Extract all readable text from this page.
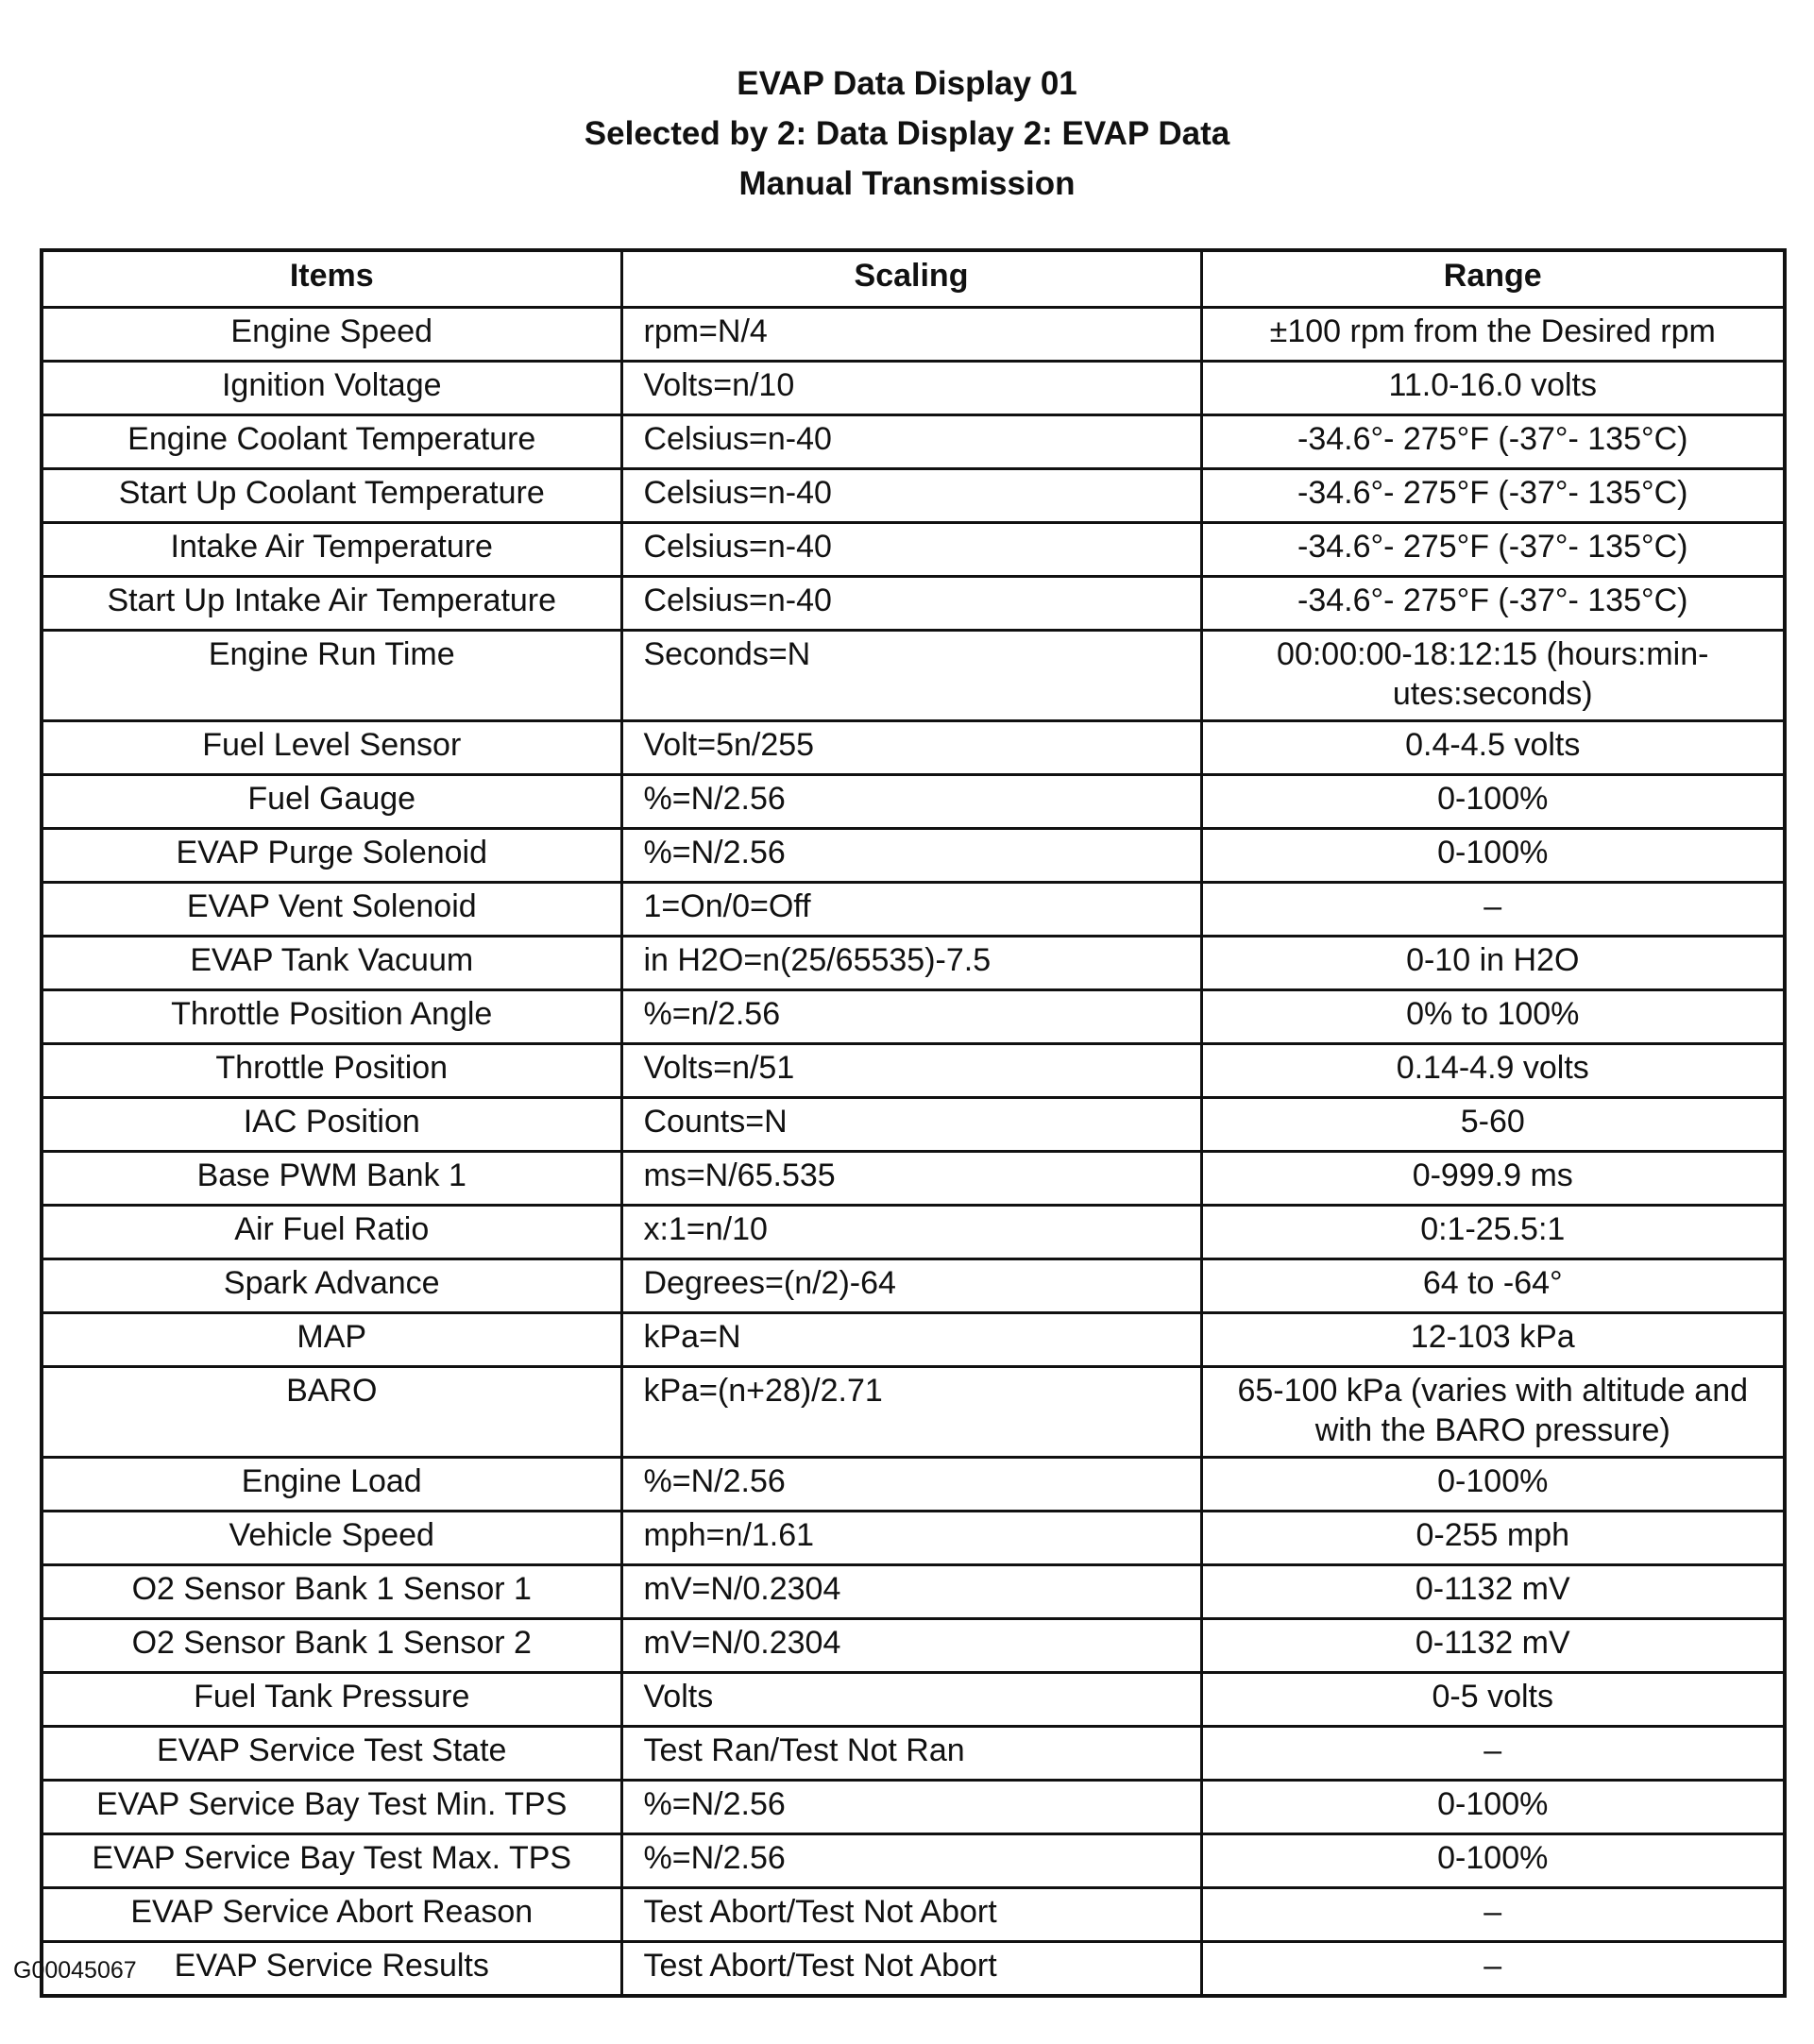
EVAP Data Display 01
Selected by 2: Data Display 2: EVAP Data
Manual Transmission
Items	Scaling	Range
Engine Speed	rpm=N/4	±100 rpm from the Desired rpm
Ignition Voltage	Volts=n/10	11.0-16.0 volts
Engine Coolant Temperature	Celsius=n-40	-34.6°- 275°F (-37°- 135°C)
Start Up Coolant Temperature	Celsius=n-40	-34.6°- 275°F (-37°- 135°C)
Intake Air Temperature	Celsius=n-40	-34.6°- 275°F (-37°- 135°C)
Start Up Intake Air Temperature	Celsius=n-40	-34.6°- 275°F (-37°- 135°C)
Engine Run Time	Seconds=N	00:00:00-18:12:15 (hours:min-utes:seconds)
Fuel Level Sensor	Volt=5n/255	0.4-4.5 volts
Fuel Gauge	%=N/2.56	0-100%
EVAP Purge Solenoid	%=N/2.56	0-100%
EVAP Vent Solenoid	1=On/0=Off	–
EVAP Tank Vacuum	in H2O=n(25/65535)-7.5	0-10 in H2O
Throttle Position Angle	%=n/2.56	0% to 100%
Throttle Position	Volts=n/51	0.14-4.9 volts
IAC Position	Counts=N	5-60
Base PWM Bank 1	ms=N/65.535	0-999.9 ms
Air Fuel Ratio	x:1=n/10	0:1-25.5:1
Spark Advance	Degrees=(n/2)-64	64 to -64°
MAP	kPa=N	12-103 kPa
BARO	kPa=(n+28)/2.71	65-100 kPa (varies with altitude and with the BARO pressure)
Engine Load	%=N/2.56	0-100%
Vehicle Speed	mph=n/1.61	0-255 mph
O2 Sensor Bank 1 Sensor 1	mV=N/0.2304	0-1132 mV
O2 Sensor Bank 1 Sensor 2	mV=N/0.2304	0-1132 mV
Fuel Tank Pressure	Volts	0-5 volts
EVAP Service Test State	Test Ran/Test Not Ran	–
EVAP Service Bay Test Min. TPS	%=N/2.56	0-100%
EVAP Service Bay Test Max. TPS	%=N/2.56	0-100%
EVAP Service Abort Reason	Test Abort/Test Not Abort	–
EVAP Service Results	Test Abort/Test Not Abort	–
G00045067
